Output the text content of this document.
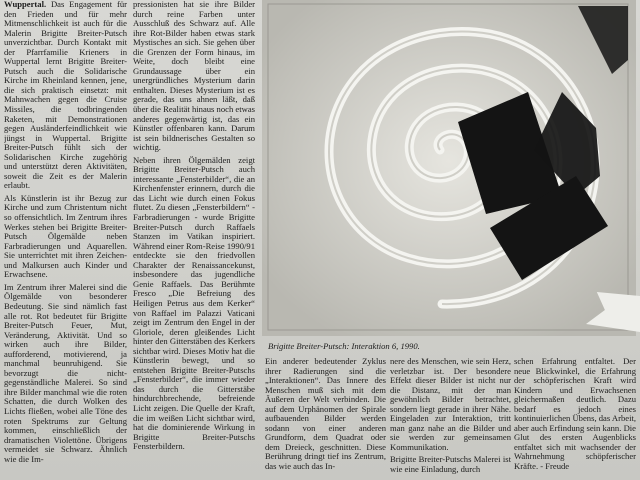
Wuppertal. Das Engagement für den Frieden und für mehr Mitmenschlichkeit ist auch für die Malerin Brigitte Breiter-Putsch unverzichtbar. Durch Kontakt mit der Pfarrfamilie Krieners in Wuppertal lernt Brigitte Breiter-Putsch auch die Solidarische Kirche im Rheinland kennen, jene, die sich praktisch einsetzt: mit Mahnwachen gegen die Cruise Missiles, die todbringenden Raketen, mit Demonstrationen gegen Ausländerfeindlichkeit wie jüngst in Wuppertal. Brigitte Breiter-Putsch fühlt sich der Solidarischen Kirche zugehörig und unterstützt deren Aktivitäten, soweit die Zeit es der Malerin erlaubt.

Als Künstlerin ist ihr Bezug zur Kirche und zum Christentum nicht so offensichtlich. Im Zentrum ihres Werkes stehen bei Brigitte Breiter-Putsch Ölgemälde neben Farbradierungen und Aquarellen. Sie unterrichtet mit ihren Zeichen- und Malkursen auch Kinder und Erwachsene.

Im Zentrum ihrer Malerei sind die Ölgemälde von besonderer Bedeutung. Sie sind nämlich fast alle rot. Rot bedeutet für Brigitte Breiter-Putsch Feuer, Mut, Veränderung, Aktivität. Und so wirken auch ihre Bilder, aufforderend, motivierend, ja manchmal beunruhigend. Sie bevorzugt die nicht-gegenständliche Malerei. So sind ihre Bilder manchmal wie die roten Schatten, die durch Wolken des Lichts fließen, wobei alle Töne des roten Spektrums zur Geltung kommen, einschließlich der dramatischen Violettöne. Übrigens vermeidet sie Schwarz. Ähnlich wie die Im-

pressionisten hat sie ihre Bilder durch reine Farben unter Ausschluß des Schwarz auf. Alle ihre Rot-Bilder haben etwas stark Mystisches an sich. Sie gehen über die Grenzen der Form hinaus, im Weite, doch bleibt eine Grundaussage über ein unergründliches Mysterium darin enthalten. Dieses Mysterium ist es gerade, das uns ahnen läßt, daß über die Realität hinaus noch etwas anderes gegenwärtig ist, das ein Künstler offenbaren kann. Darum ist sein bildnerisches Gestalten so wichtig.

Neben ihren Ölgemälden zeigt Brigitte Breiter-Putsch auch interessante „Fensterbilder“, die an Kirchenfenster erinnern, durch die das Licht wie durch einen Fokus flutet. Zu diesen „Fensterbildern“ - Farbradierungen - wurde Brigitte Breiter-Putsch durch Raffaels Stanzen im Vatikan inspiriert. Während einer Rom-Reise 1990/91 entdeckte sie den friedvollen Charakter der Renaissancekunst, insbesondere das jugendliche Genie Raffaels. Das Berühmte Fresco „Die Befreiung des Heiligen Petrus aus dem Kerker“ von Raffael im Palazzi Vaticani zeigt im Zentrum den Engel in der Gloriole, deren gleißendes Licht hinter den Gitterstäben des Kerkers sichtbar wird. Dieses Motiv hat die Künstlerin bewegt, und so entstehen Brigitte Breiter-Putschs „Fensterbilder“, die immer wieder das durch die Gitterstäbe hindurchbrechende, befreiende Licht zeigen. Die Quelle der Kraft, die im weißen Licht sichtbar wird, hat die dominierende Wirkung in Brigitte Breiter-Putschs Fensterbildern.

Brigitte Breiter-Putsch: Interaktion 6, 1990.

Ein anderer bedeutender Zyklus ihrer Radierungen sind die „Interaktionen“. Das Innere des Menschen muß sich mit dem Äußeren der Welt verbinden. Die auf dem Urphänomen der Spirale aufbauenden Bilder werden sodann von einer anderen Grundform, dem Quadrat oder dem Dreieck, geschnitten. Diese Berührung dringt tief ins Zentrum, das wie auch das In-

nere des Menschen, wie sein Herz, verletzbar ist. Der besondere Effekt dieser Bilder ist nicht nur die Distanz, mit der man gewöhnlich Bilder betrachtet, sondern liegt gerade in ihrer Nähe. Eingeladen zur Interaktion, tritt man ganz nahe an die Bilder und sie werden zur gemeinsamen Kommunikation.

Brigitte Breiter-Putschs Malerei ist wie eine Einladung, durch

schen Erfahrung entfaltet. Der neue Blickwinkel, die Erfahrung der schöpferischen Kraft wird Kindern und Erwachsenen gleichermaßen deutlich. Dazu bedarf es jedoch eines kontinuierlichen Übens, das Arbeit, aber auch Erfindung sein kann. Die Glut des ersten Augenblicks entfaltet sich mit wachsender der Wahrnehmung schöpferischer Kräfte. - Freude
